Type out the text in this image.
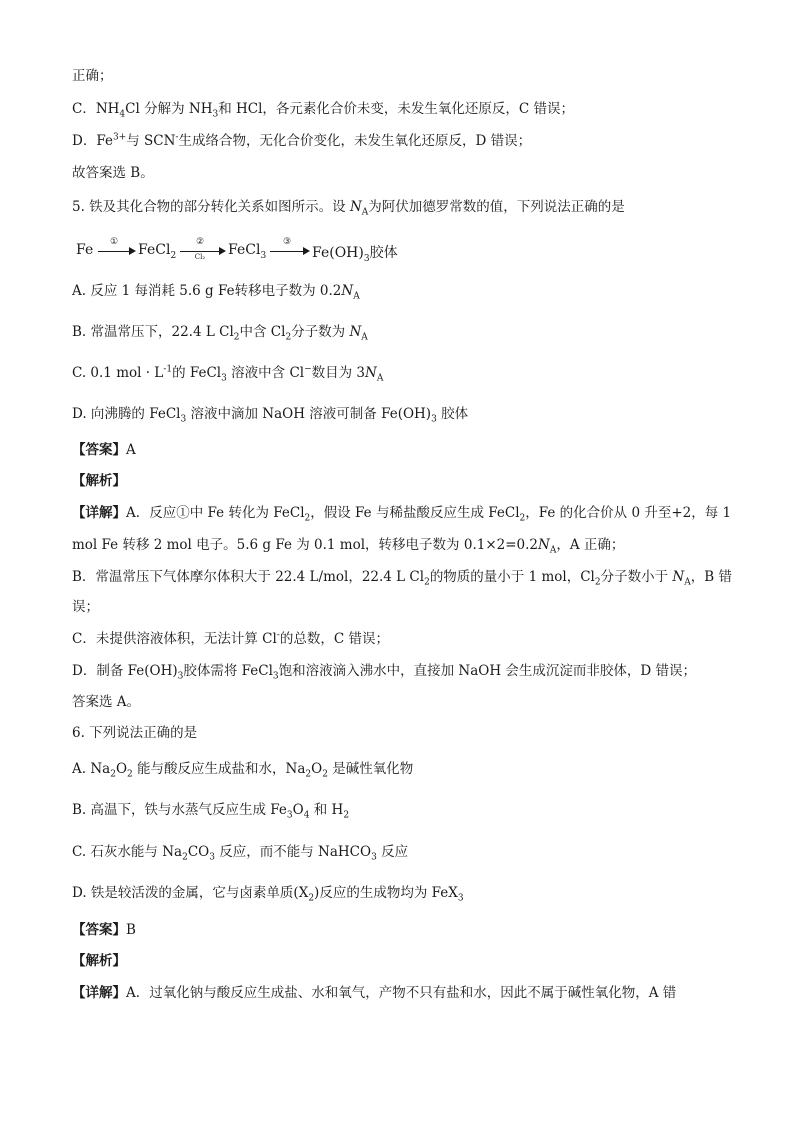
正确；
C．$NH_4Cl$ 分解为 $NH_3$和 HCl，各元素化合价未变，未发生氧化还原反，C 错误；
D．$Fe^{3+}$与 SCN-生成络合物，无化合价变化，未发生氧化还原反，D 错误；
故答案选 B。
5. 铁及其化合物的部分转化关系如图所示。设 $N_A$为阿伏加德罗常数的值，下列说法正确的是
Fe	①	FeCl$_2$
②
Cl₂	FeCl$_3$
③
$Fe(OH)_3$胶体
A. 反应 1 每消耗 5.6 g Fe转移电子数为 $0.2N_A$
B. 常温常压下，22.4 L $Cl_2$中含 $Cl_2$分子数为 $N_A$
C. 0.1 mol · $L^{-1}$的 FeCl$_3$ 溶液中含 Cl−数目为 $3N_A$
D. 向沸腾的 FeCl$_3$ 溶液中滴加 NaOH 溶液可制备 $Fe(OH)_3$ 胶体
【答案】A
【解析】
【详解】A．反应①中 Fe 转化为 FeCl$_2$，假设 Fe 与稀盐酸反应生成 FeCl$_2$，Fe 的化合价从 0 升至+2，每 1
mol Fe 转移 2 mol 电子。5.6 g Fe 为 0.1 mol，转移电子数为 $0.1\times 2=0.2N_A$，A 正确；
B．常温常压下气体摩尔体积大于 22.4 L/mol，22.4 L $Cl_2$的物质的量小于 1 mol，$Cl_2$分子数小于 $N_A$，B 错
误；
C．未提供溶液体积，无法计算 Cl-的总数，C 错误；
D．制备 $Fe(OH)_3$胶体需将 FeCl$_3$饱和溶液滴入沸水中，直接加 NaOH 会生成沉淀而非胶体，D 错误；
答案选 A。
6. 下列说法正确的是
A. $Na_2O_2$ 能与酸反应生成盐和水，$Na_2O_2$ 是碱性氧化物
B. 高温下，铁与水蒸气反应生成 $Fe_3O_4$ 和 $H_2$
C. 石灰水能与 $Na_2CO_3$ 反应，而不能与 NaHCO$_3$ 反应
D. 铁是较活泼的金属，它与卤素单质$(X_2)$反应的生成物均为 FeX$_3$
【答案】B
【解析】
【详解】A．过氧化钠与酸反应生成盐、水和氧气，产物不只有盐和水，因此不属于碱性氧化物，A 错
